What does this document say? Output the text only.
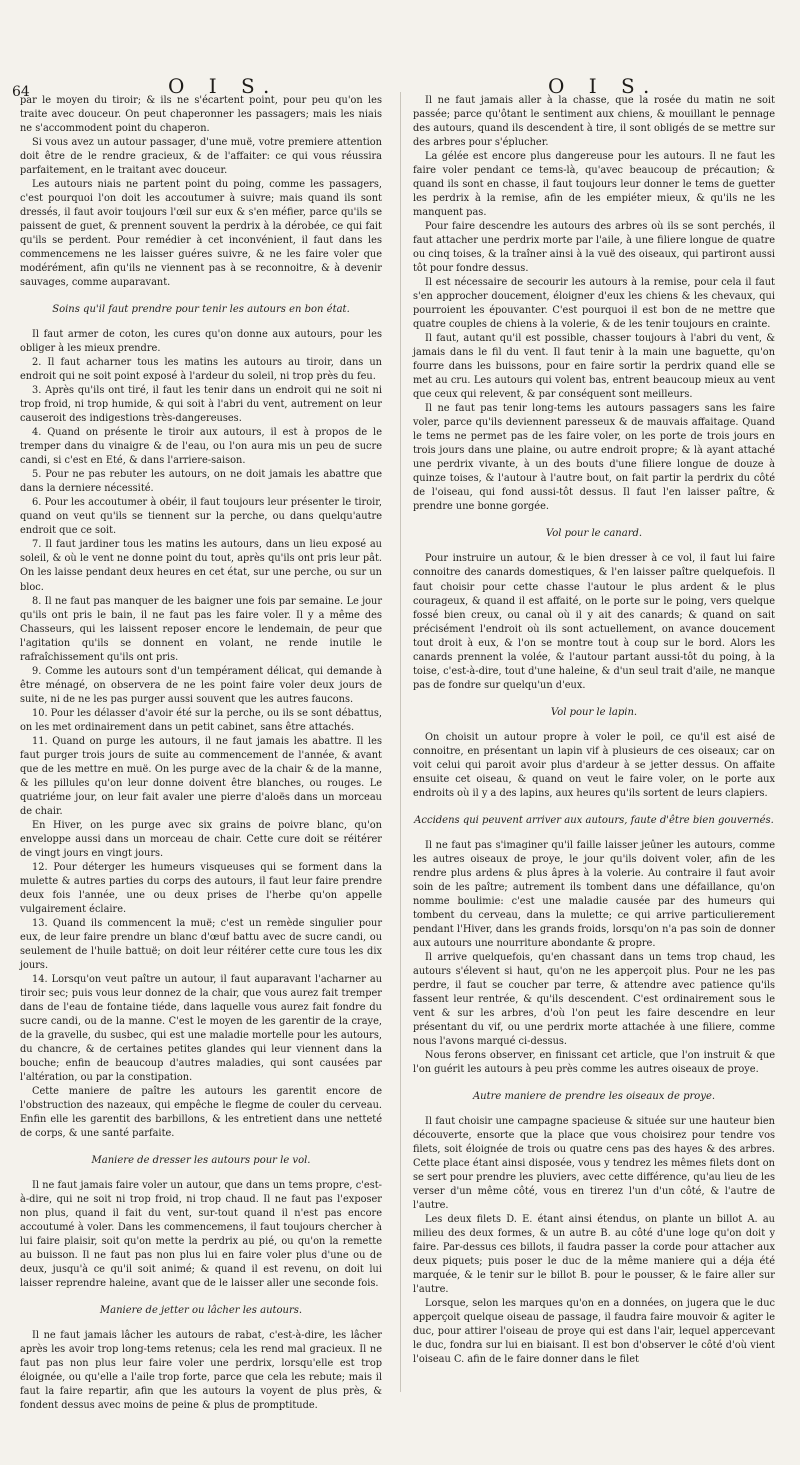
64	O I S.	O I S.

par le moyen du tiroir; & ils ne s'écartent point, pour peu qu'on les traite avec douceur. On peut chaperonner les passagers; mais les niais ne s'accommodent point du chaperon.

Si vous avez un autour passager, d'une muë, votre premiere attention doit être de le rendre gracieux, & de l'affaiter: ce qui vous réussira parfaitement, en le traitant avec douceur.

Les autours niais ne partent point du poing, comme les passagers, c'est pourquoi l'on doit les accoutumer à suivre; mais quand ils sont dressés, il faut avoir toujours l'œil sur eux & s'en méfier, parce qu'ils se paissent de guet, & prennent souvent la perdrix à la dérobée, ce qui fait qu'ils se perdent. Pour remédier à cet inconvénient, il faut dans les commencemens ne les laisser guéres suivre, & ne les faire voler que modérément, afin qu'ils ne viennent pas à se reconnoitre, & à devenir sauvages, comme auparavant.

Soins qu'il faut prendre pour tenir les autours en bon état.

Il faut armer de coton, les cures qu'on donne aux autours, pour les obliger à les mieux prendre.

2. Il faut acharner tous les matins les autours au tiroir, dans un endroit qui ne soit point exposé à l'ardeur du soleil, ni trop près du feu.

3. Après qu'ils ont tiré, il faut les tenir dans un endroit qui ne soit ni trop froid, ni trop humide, & qui soit à l'abri du vent, autrement on leur causeroit des indigestions très-dangereuses.

4. Quand on présente le tiroir aux autours, il est à propos de le tremper dans du vinaigre & de l'eau, ou l'on aura mis un peu de sucre candi, si c'est en Eté, & dans l'arriere-saison.

5. Pour ne pas rebuter les autours, on ne doit jamais les abattre que dans la derniere nécessité.

6. Pour les accoutumer à obéir, il faut toujours leur présenter le tiroir, quand on veut qu'ils se tiennent sur la perche, ou dans quelqu'autre endroit que ce soit.

7. Il faut jardiner tous les matins les autours, dans un lieu exposé au soleil, & où le vent ne donne point du tout, après qu'ils ont pris leur pât. On les laisse pendant deux heures en cet état, sur une perche, ou sur un bloc.

8. Il ne faut pas manquer de les baigner une fois par semaine. Le jour qu'ils ont pris le bain, il ne faut pas les faire voler. Il y a même des Chasseurs, qui les laissent reposer encore le lendemain, de peur que l'agitation qu'ils se donnent en volant, ne rende inutile le rafraîchissement qu'ils ont pris.

9. Comme les autours sont d'un tempérament délicat, qui demande à être ménagé, on observera de ne les point faire voler deux jours de suite, ni de ne les pas purger aussi souvent que les autres faucons.

10. Pour les délasser d'avoir été sur la perche, ou ils se sont débattus, on les met ordinairement dans un petit cabinet, sans être attachés.

11. Quand on purge les autours, il ne faut jamais les abattre. Il les faut purger trois jours de suite au commencement de l'année, & avant que de les mettre en muë. On les purge avec de la chair & de la manne, & les pillules qu'on leur donne doivent être blanches, ou rouges. Le quatriéme jour, on leur fait avaler une pierre d'aloës dans un morceau de chair.

En Hiver, on les purge avec six grains de poivre blanc, qu'on enveloppe aussi dans un morceau de chair. Cette cure doit se réitérer de vingt jours en vingt jours.

12. Pour déterger les humeurs visqueuses qui se forment dans la mulette & autres parties du corps des autours, il faut leur faire prendre deux fois l'année, une ou deux prises de l'herbe qu'on appelle vulgairement éclaire.

13. Quand ils commencent la muë; c'est un remède singulier pour eux, de leur faire prendre un blanc d'œuf battu avec de sucre candi, ou seulement de l'huile battuë; on doit leur réitérer cette cure tous les dix jours.

14. Lorsqu'on veut paître un autour, il faut auparavant l'acharner au tiroir sec; puis vous leur donnez de la chair, que vous aurez fait tremper dans de l'eau de fontaine tiéde, dans laquelle vous aurez fait fondre du sucre candi, ou de la manne. C'est le moyen de les garentir de la craye, de la gravelle, du susbec, qui est une maladie mortelle pour les autours, du chancre, & de certaines petites glandes qui leur viennent dans la bouche; enfin de beaucoup d'autres maladies, qui sont causées par l'altération, ou par la constipation.

Cette maniere de paître les autours les garentit encore de l'obstruction des nazeaux, qui empêche le flegme de couler du cerveau. Enfin elle les garentit des barbillons, & les entretient dans une netteté de corps, & une santé parfaite.

Maniere de dresser les autours pour le vol.

Il ne faut jamais faire voler un autour, que dans un tems propre, c'est-à-dire, qui ne soit ni trop froid, ni trop chaud. Il ne faut pas l'exposer non plus, quand il fait du vent, sur-tout quand il n'est pas encore accoutumé à voler. Dans les commencemens, il faut toujours chercher à lui faire plaisir, soit qu'on mette la perdrix au pié, ou qu'on la remette au buisson. Il ne faut pas non plus lui en faire voler plus d'une ou de deux, jusqu'à ce qu'il soit animé; & quand il est revenu, on doit lui laisser reprendre haleine, avant que de le laisser aller une seconde fois.

Maniere de jetter ou lâcher les autours.

Il ne faut jamais lâcher les autours de rabat, c'est-à-dire, les lâcher après les avoir trop long-tems retenus; cela les rend mal gracieux. Il ne faut pas non plus leur faire voler une perdrix, lorsqu'elle est trop éloignée, ou qu'elle a l'aile trop forte, parce que cela les rebute; mais il faut la faire repartir, afin que les autours la voyent de plus près, & fondent dessus avec moins de peine & plus de promptitude.

Il ne faut jamais aller à la chasse, que la rosée du matin ne soit passée; parce qu'ôtant le sentiment aux chiens, & mouillant le pennage des autours, quand ils descendent à tire, il sont obligés de se mettre sur des arbres pour s'éplucher.

La gélée est encore plus dangereuse pour les autours. Il ne faut les faire voler pendant ce tems-là, qu'avec beaucoup de précaution; & quand ils sont en chasse, il faut toujours leur donner le tems de guetter les perdrix à la remise, afin de les empiéter mieux, & qu'ils ne les manquent pas.

Pour faire descendre les autours des arbres où ils se sont perchés, il faut attacher une perdrix morte par l'aile, à une filiere longue de quatre ou cinq toises, & la traîner ainsi à la vuë des oiseaux, qui partiront aussi tôt pour fondre dessus.

Il est nécessaire de secourir les autours à la remise, pour cela il faut s'en approcher doucement, éloigner d'eux les chiens & les chevaux, qui pourroient les épouvanter. C'est pourquoi il est bon de ne mettre que quatre couples de chiens à la volerie, & de les tenir toujours en crainte.

Il faut, autant qu'il est possible, chasser toujours à l'abri du vent, & jamais dans le fil du vent. Il faut tenir à la main une baguette, qu'on fourre dans les buissons, pour en faire sortir la perdrix quand elle se met au cru. Les autours qui volent bas, entrent beaucoup mieux au vent que ceux qui relevent, & par conséquent sont meilleurs.

Il ne faut pas tenir long-tems les autours passagers sans les faire voler, parce qu'ils deviennent paresseux & de mauvais affaitage. Quand le tems ne permet pas de les faire voler, on les porte de trois jours en trois jours dans une plaine, ou autre endroit propre; & là ayant attaché une perdrix vivante, à un des bouts d'une filiere longue de douze à quinze toises, & l'autour à l'autre bout, on fait partir la perdrix du côté de l'oiseau, qui fond aussi-tôt dessus. Il faut l'en laisser paître, & prendre une bonne gorgée.

Vol pour le canard.

Pour instruire un autour, & le bien dresser à ce vol, il faut lui faire connoitre des canards domestiques, & l'en laisser paître quelquefois. Il faut choisir pour cette chasse l'autour le plus ardent & le plus courageux, & quand il est affaité, on le porte sur le poing, vers quelque fossé bien creux, ou canal où il y ait des canards; & quand on sait précisément l'endroit où ils sont actuellement, on avance doucement tout droit à eux, & l'on se montre tout à coup sur le bord. Alors les canards prennent la volée, & l'autour partant aussi-tôt du poing, à la toise, c'est-à-dire, tout d'une haleine, & d'un seul trait d'aile, ne manque pas de fondre sur quelqu'un d'eux.

Vol pour le lapin.

On choisit un autour propre à voler le poil, ce qu'il est aisé de connoitre, en présentant un lapin vif à plusieurs de ces oiseaux; car on voit celui qui paroit avoir plus d'ardeur à se jetter dessus. On affaite ensuite cet oiseau, & quand on veut le faire voler, on le porte aux endroits où il y a des lapins, aux heures qu'ils sortent de leurs clapiers.

Accidens qui peuvent arriver aux autours, faute d'être bien gouvernés.

Il ne faut pas s'imaginer qu'il faille laisser jeûner les autours, comme les autres oiseaux de proye, le jour qu'ils doivent voler, afin de les rendre plus ardens & plus âpres à la volerie. Au contraire il faut avoir soin de les paître; autrement ils tombent dans une défaillance, qu'on nomme boulimie: c'est une maladie causée par des humeurs qui tombent du cerveau, dans la mulette; ce qui arrive particulierement pendant l'Hiver, dans les grands froids, lorsqu'on n'a pas soin de donner aux autours une nourriture abondante & propre.

Il arrive quelquefois, qu'en chassant dans un tems trop chaud, les autours s'élevent si haut, qu'on ne les apperçoit plus. Pour ne les pas perdre, il faut se coucher par terre, & attendre avec patience qu'ils fassent leur rentrée, & qu'ils descendent. C'est ordinairement sous le vent & sur les arbres, d'où l'on peut les faire descendre en leur présentant du vif, ou une perdrix morte attachée à une filiere, comme nous l'avons marqué ci-dessus.

Nous ferons observer, en finissant cet article, que l'on instruit & que l'on guérit les autours à peu près comme les autres oiseaux de proye.

Autre maniere de prendre les oiseaux de proye.

Il faut choisir une campagne spacieuse & située sur une hauteur bien découverte, ensorte que la place que vous choisirez pour tendre vos filets, soit éloignée de trois ou quatre cens pas des hayes & des arbres. Cette place étant ainsi disposée, vous y tendrez les mêmes filets dont on se sert pour prendre les pluviers, avec cette différence, qu'au lieu de les verser d'un même côté, vous en tirerez l'un d'un côté, & l'autre de l'autre.

Les deux filets D. E. étant ainsi étendus, on plante un billot A. au milieu des deux formes, & un autre B. au côté d'une loge qu'on doit y faire. Par-dessus ces billots, il faudra passer la corde pour attacher aux deux piquets; puis poser le duc de la même maniere qui a déja été marquée, & le tenir sur le billot B. pour le pousser, & le faire aller sur l'autre.

Lorsque, selon les marques qu'on en a données, on jugera que le duc apperçoit quelque oiseau de passage, il faudra faire mouvoir & agiter le duc, pour attirer l'oiseau de proye qui est dans l'air, lequel appercevant le duc, fondra sur lui en biaisant. Il est bon d'observer le côté d'où vient l'oiseau C. afin de le faire donner dans le filet
